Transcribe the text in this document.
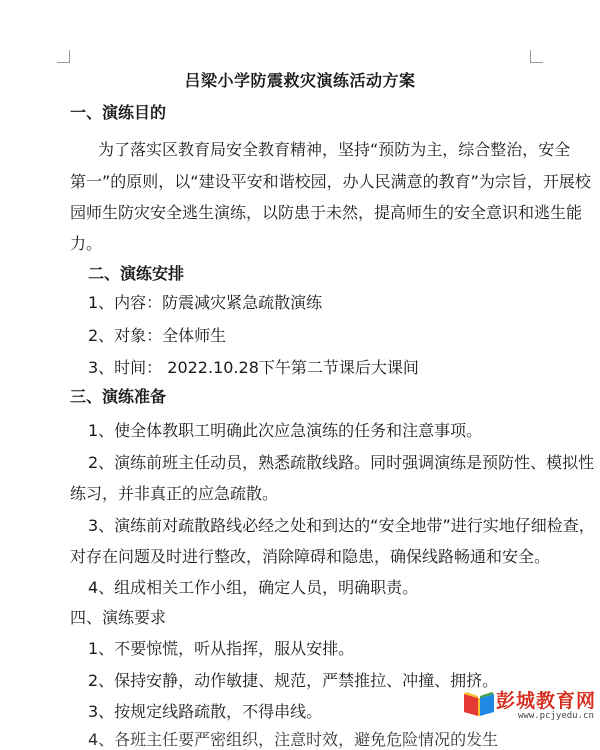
吕梁小学防震救灾演练活动方案
一、演练目的
为了落实区教育局安全教育精神，坚持“预防为主，综合整治，安全
第一”的原则，以“建设平安和谐校园，办人民满意的教育”为宗旨，开展校
园师生防灾安全逃生演练，以防患于未然，提高师生的安全意识和逃生能
力。
二、演练安排
1、内容：防震减灾紧急疏散演练
2、对象：全体师生
3、时间： 2022.10.28下午第二节课后大课间
三、演练准备
1、使全体教职工明确此次应急演练的任务和注意事项。
2、演练前班主任动员，熟悉疏散线路。同时强调演练是预防性、模拟性
练习，并非真正的应急疏散。
3、演练前对疏散路线必经之处和到达的“安全地带”进行实地仔细检查，
对存在问题及时进行整改，消除障碍和隐患，确保线路畅通和安全。
4、组成相关工作小组，确定人员，明确职责。
四、演练要求
1、不要惊慌，听从指挥，服从安排。
2、保持安静，动作敏捷、规范，严禁推拉、冲撞、拥挤。
3、按规定线路疏散，不得串线。
4、各班主任要严密组织，注意时效，避免危险情况的发生
彭城教育网
www.pcjyedu.cn
